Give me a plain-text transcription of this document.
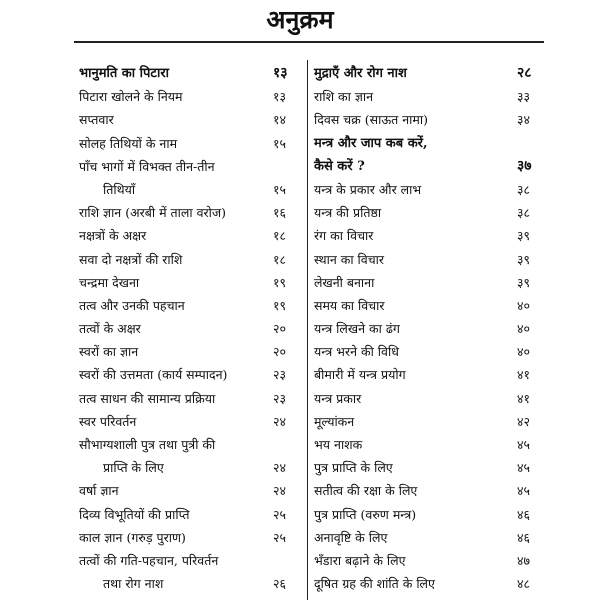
अनुक्रम
भानुमति का पिटारा	१३
पिटारा खोलने के नियम	१३
सप्तवार	१४
सोलह तिथियों के नाम	१५
पाँच भागों में विभक्त तीन-तीन
तिथियाँ	१५
राशि ज्ञान (अरबी में ताला वरोज)	१६
नक्षत्रों के अक्षर	१८
सवा दो नक्षत्रों की राशि	१८
चन्द्रमा देखना	१९
तत्व और उनकी पहचान	१९
तत्वों के अक्षर	२०
स्वरों का ज्ञान	२०
स्वरों की उत्तमता (कार्य सम्पादन)	२३
तत्व साधन की सामान्य प्रक्रिया	२३
स्वर परिवर्तन	२४
सौभाग्यशाली पुत्र तथा पुत्री की
प्राप्ति के लिए	२४
वर्षा ज्ञान	२४
दिव्य विभूतियों की प्राप्ति	२५
काल ज्ञान (गरुड़ पुराण)	२५
तत्वों की गति-पहचान, परिवर्तन
तथा रोग नाश	२६
मुद्राएँ और रोग नाश	२८
राशि का ज्ञान	३३
दिवस चक्र (साऊत नामा)	३४
मन्त्र और जाप कब करें,
कैसे करें ?	३७
यन्त्र के प्रकार और लाभ	३८
यन्त्र की प्रतिष्ठा	३८
रंग का विचार	३९
स्थान का विचार	३९
लेखनी बनाना	३९
समय का विचार	४०
यन्त्र लिखने का ढंग	४०
यन्त्र भरने की विधि	४०
बीमारी में यन्त्र प्रयोग	४१
यन्त्र प्रकार	४१
मूल्यांकन	४२
भय नाशक	४५
पुत्र प्राप्ति के लिए	४५
सतीत्व की रक्षा के लिए	४५
पुत्र प्राप्ति (वरुण मन्त्र)	४६
अनावृष्टि के लिए	४६
भँडारा बढ़ाने के लिए	४७
दूषित ग्रह की शांति के लिए	४८
